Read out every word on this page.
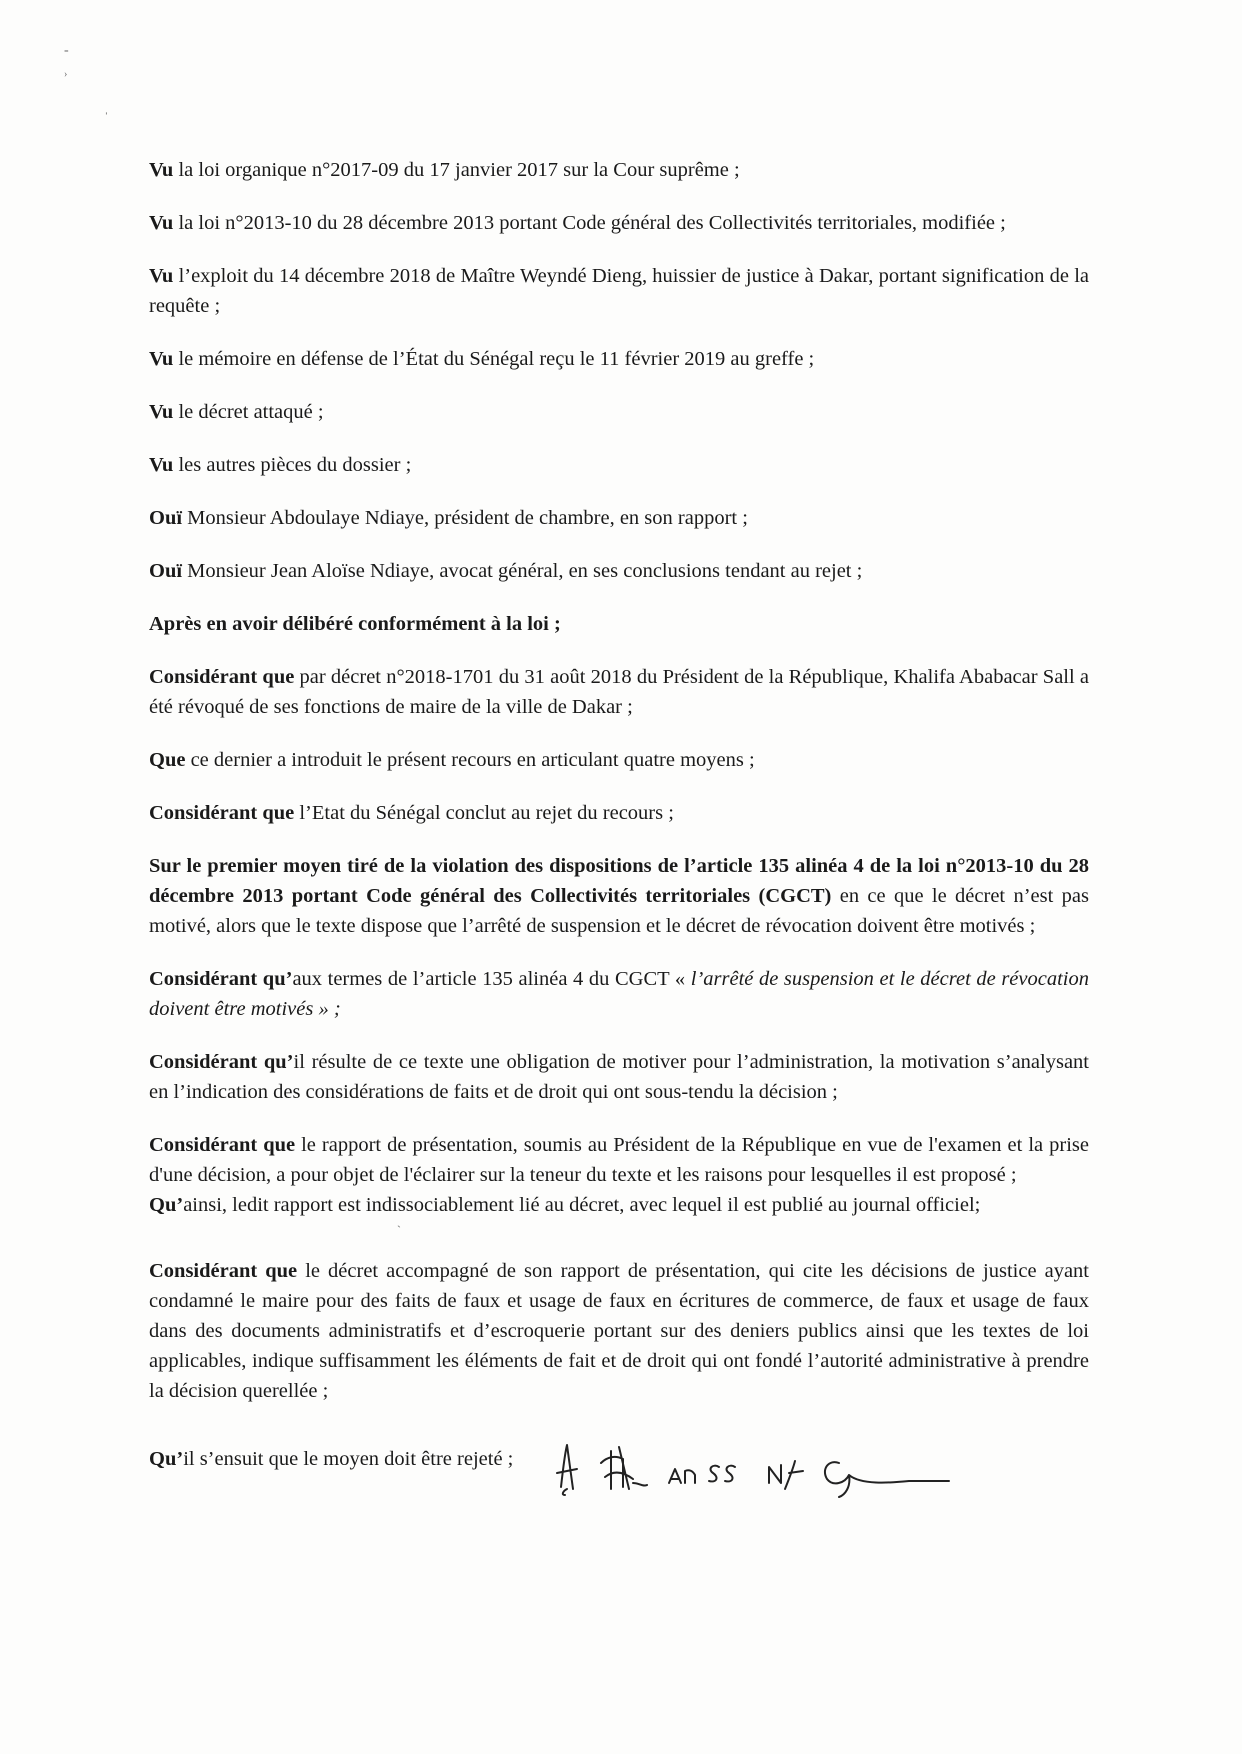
-
›
ˈ
ˋ

Vu la loi organique n°2017-09 du 17 janvier 2017 sur la Cour suprême ;

Vu la loi n°2013-10 du 28 décembre 2013 portant Code général des Collectivités territoriales, modifiée ;

Vu l’exploit du 14 décembre 2018 de Maître Weyndé Dieng, huissier de justice à Dakar, portant signification de la requête ;

Vu le mémoire en défense de l’État du Sénégal reçu le 11 février 2019 au greffe ;

Vu le décret attaqué ;

Vu les autres pièces du dossier ;

Ouï Monsieur Abdoulaye Ndiaye, président de chambre, en son rapport ;

Ouï Monsieur Jean Aloïse Ndiaye, avocat général, en ses conclusions tendant au rejet ;

Après en avoir délibéré conformément à la loi ;

Considérant que par décret n°2018-1701 du 31 août 2018 du Président de la République, Khalifa Ababacar Sall a été révoqué de ses fonctions de maire de la ville de Dakar ;

Que ce dernier a introduit le présent recours en articulant quatre moyens ;

Considérant que l’Etat du Sénégal conclut au rejet du recours ;

Sur le premier moyen tiré de la violation des dispositions de l’article 135 alinéa 4 de la loi n°2013-10 du 28 décembre 2013 portant Code général des Collectivités territoriales (CGCT) en ce que le décret n’est pas motivé, alors que le texte dispose que l’arrêté de suspension et le décret de révocation doivent être motivés ;

Considérant qu’aux termes de l’article 135 alinéa 4 du CGCT « l’arrêté de suspension et le décret de révocation doivent être motivés » ;

Considérant qu’il résulte de ce texte une obligation de motiver pour l’administration, la motivation s’analysant en l’indication des considérations de faits et de droit qui ont sous-tendu la décision ;

Considérant que le rapport de présentation, soumis au Président de la République en vue de l'examen et la prise d'une décision, a pour objet de l'éclairer sur la teneur du texte et les raisons pour lesquelles il est proposé ;

Qu’ainsi, ledit rapport est indissociablement lié au décret, avec lequel il est publié au journal officiel;

Considérant que le décret accompagné de son rapport de présentation, qui cite les décisions de justice ayant condamné le maire pour des faits de faux et usage de faux en écritures de commerce, de faux et usage de faux dans des documents administratifs et d’escroquerie portant sur des deniers publics ainsi que les textes de loi applicables, indique suffisamment les éléments de fait et de droit qui ont fondé l’autorité administrative à prendre la décision querellée ;

Qu’il s’ensuit que le moyen doit être rejeté ;
